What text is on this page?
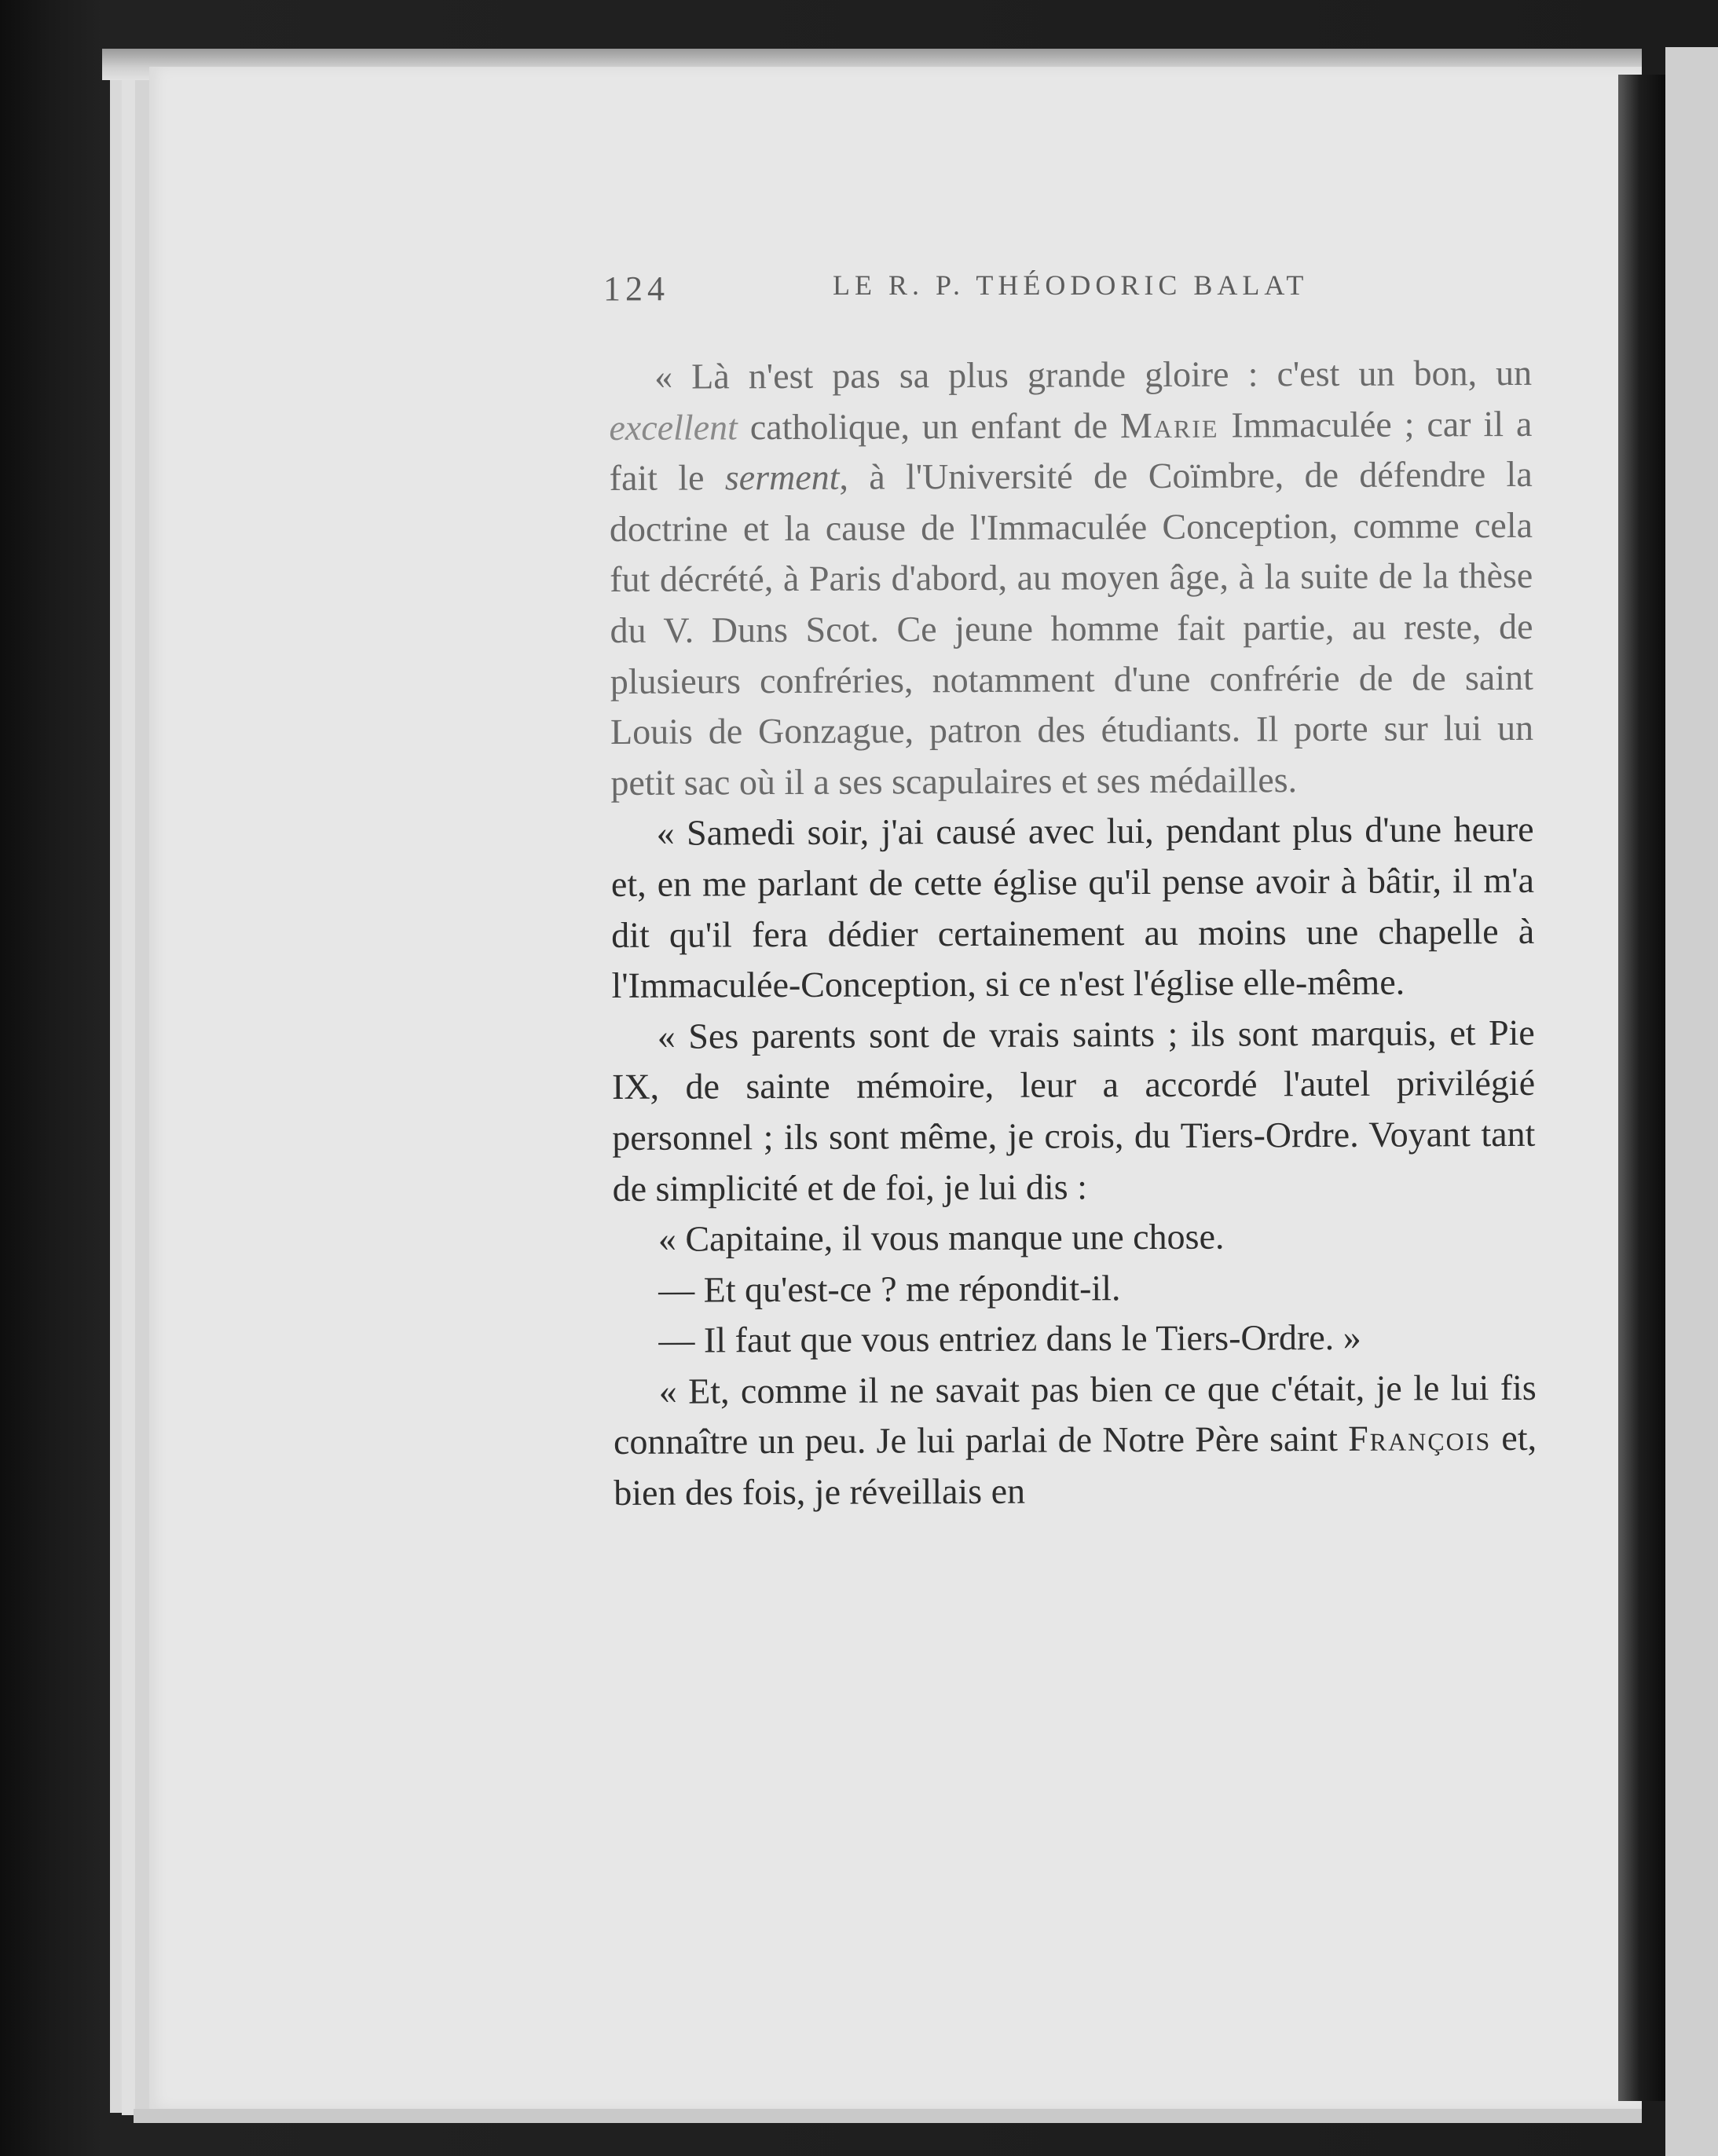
124	LE R. P. THÉODORIC BALAT

« Là n'est pas sa plus grande gloire : c'est un bon, un excellent catholique, un enfant de Marie Immaculée ; car il a fait le serment, à l'Université de Coïmbre, de défendre la doctrine et la cause de l'Immaculée Conception, comme cela fut décrété, à Paris d'abord, au moyen âge, à la suite de la thèse du V. Duns Scot. Ce jeune homme fait partie, au reste, de plusieurs confréries, notamment d'une confrérie de de saint Louis de Gonzague, patron des étudiants. Il porte sur lui un petit sac où il a ses scapulaires et ses médailles.

« Samedi soir, j'ai causé avec lui, pendant plus d'une heure et, en me parlant de cette église qu'il pense avoir à bâtir, il m'a dit qu'il fera dédier certainement au moins une chapelle à l'Immaculée-Conception, si ce n'est l'église elle-même.

« Ses parents sont de vrais saints ; ils sont marquis, et Pie IX, de sainte mémoire, leur a accordé l'autel privilégié personnel ; ils sont même, je crois, du Tiers-Ordre. Voyant tant de simplicité et de foi, je lui dis :

« Capitaine, il vous manque une chose.

— Et qu'est-ce ? me répondit-il.

— Il faut que vous entriez dans le Tiers-Ordre. »

« Et, comme il ne savait pas bien ce que c'était, je le lui fis connaître un peu. Je lui parlai de Notre Père saint François et, bien des fois, je réveillais en
